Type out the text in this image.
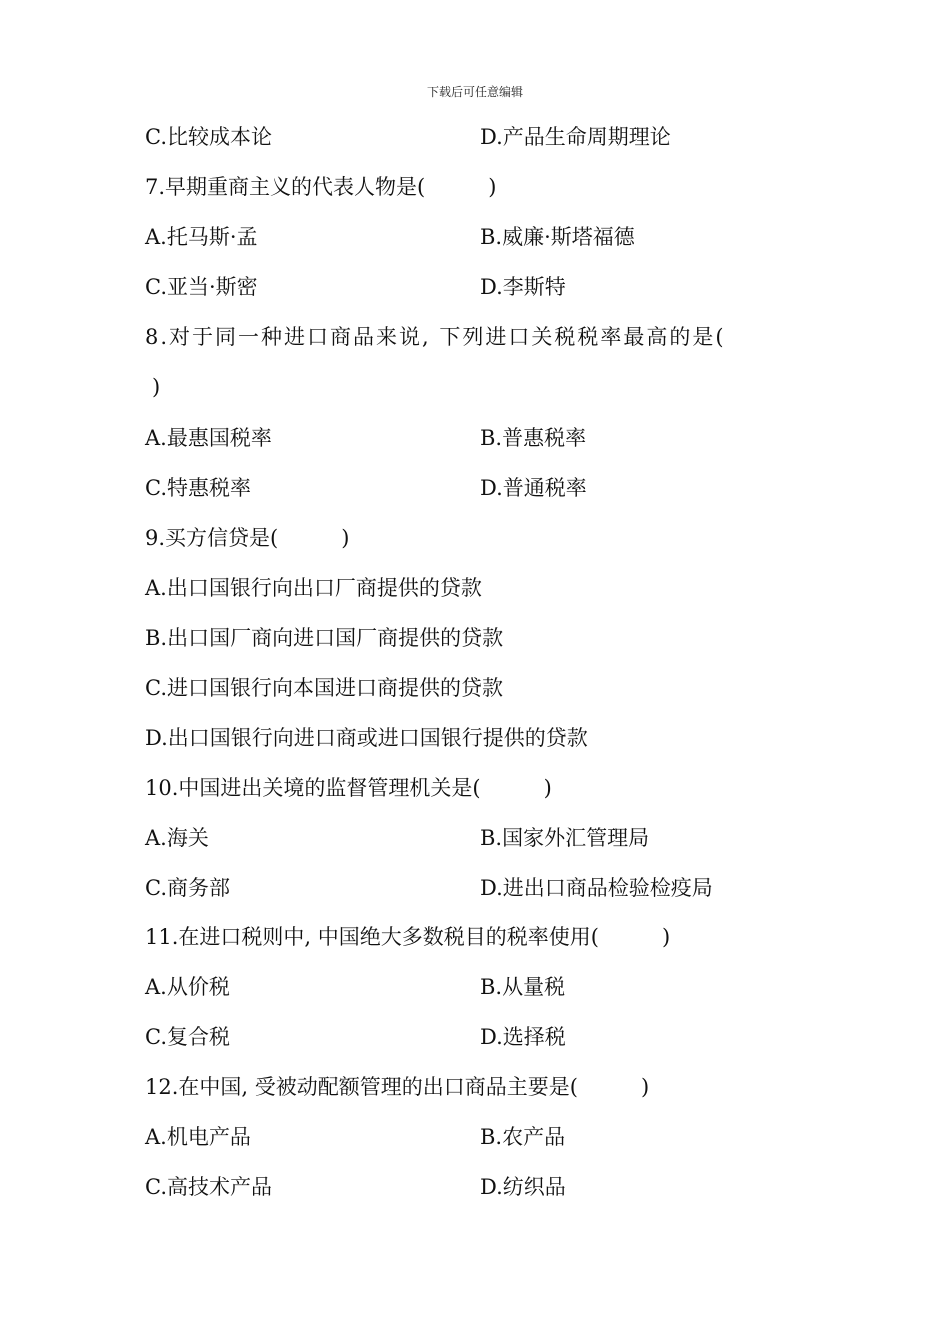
下载后可任意编辑
C.比较成本论	D.产品生命周期理论
7.早期重商主义的代表人物是(　　　)
A.托马斯·孟	B.威廉·斯塔福德
C.亚当·斯密	D.李斯特
8.对于同一种进口商品来说, 下列进口关税税率最高的是(
)
A.最惠国税率	B.普惠税率
C.特惠税率	D.普通税率
9.买方信贷是(　　　)
A.出口国银行向出口厂商提供的贷款
B.出口国厂商向进口国厂商提供的贷款
C.进口国银行向本国进口商提供的贷款
D.出口国银行向进口商或进口国银行提供的贷款
10.中国进出关境的监督管理机关是(　　　)
A.海关	B.国家外汇管理局
C.商务部	D.进出口商品检验检疫局
11.在进口税则中, 中国绝大多数税目的税率使用(　　　)
A.从价税	B.从量税
C.复合税	D.选择税
12.在中国, 受被动配额管理的出口商品主要是(　　　)
A.机电产品	B.农产品
C.高技术产品	D.纺织品
